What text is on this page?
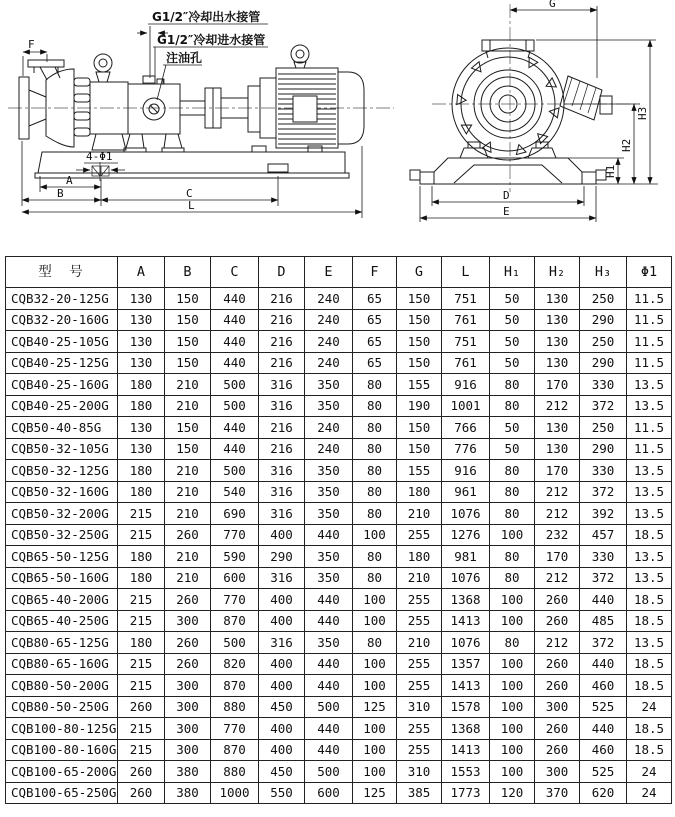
G1/2″冷却出水接管
G1/2″冷却进水接管
注油孔
4-Φ1
F
A
B	C
L
G
D
E
H1
H2
H3
型　号	A	B	C	D	E	F	G	L	H₁	H₂	H₃	Φ1
CQB32-20-125G	130	150	440	216	240	65	150	751	50	130	250	11.5
CQB32-20-160G	130	150	440	216	240	65	150	761	50	130	290	11.5
CQB40-25-105G	130	150	440	216	240	65	150	751	50	130	250	11.5
CQB40-25-125G	130	150	440	216	240	65	150	761	50	130	290	11.5
CQB40-25-160G	180	210	500	316	350	80	155	916	80	170	330	13.5
CQB40-25-200G	180	210	500	316	350	80	190	1001	80	212	372	13.5
CQB50-40-85G	130	150	440	216	240	80	150	766	50	130	250	11.5
CQB50-32-105G	130	150	440	216	240	80	150	776	50	130	290	11.5
CQB50-32-125G	180	210	500	316	350	80	155	916	80	170	330	13.5
CQB50-32-160G	180	210	540	316	350	80	180	961	80	212	372	13.5
CQB50-32-200G	215	210	690	316	350	80	210	1076	80	212	392	13.5
CQB50-32-250G	215	260	770	400	440	100	255	1276	100	232	457	18.5
CQB65-50-125G	180	210	590	290	350	80	180	981	80	170	330	13.5
CQB65-50-160G	180	210	600	316	350	80	210	1076	80	212	372	13.5
CQB65-40-200G	215	260	770	400	440	100	255	1368	100	260	440	18.5
CQB65-40-250G	215	300	870	400	440	100	255	1413	100	260	485	18.5
CQB80-65-125G	180	260	500	316	350	80	210	1076	80	212	372	13.5
CQB80-65-160G	215	260	820	400	440	100	255	1357	100	260	440	18.5
CQB80-50-200G	215	300	870	400	440	100	255	1413	100	260	460	18.5
CQB80-50-250G	260	300	880	450	500	125	310	1578	100	300	525	24
CQB100-80-125G	215	300	770	400	440	100	255	1368	100	260	440	18.5
CQB100-80-160G	215	300	870	400	440	100	255	1413	100	260	460	18.5
CQB100-65-200G	260	380	880	450	500	100	310	1553	100	300	525	24
CQB100-65-250G	260	380	1000	550	600	125	385	1773	120	370	620	24
